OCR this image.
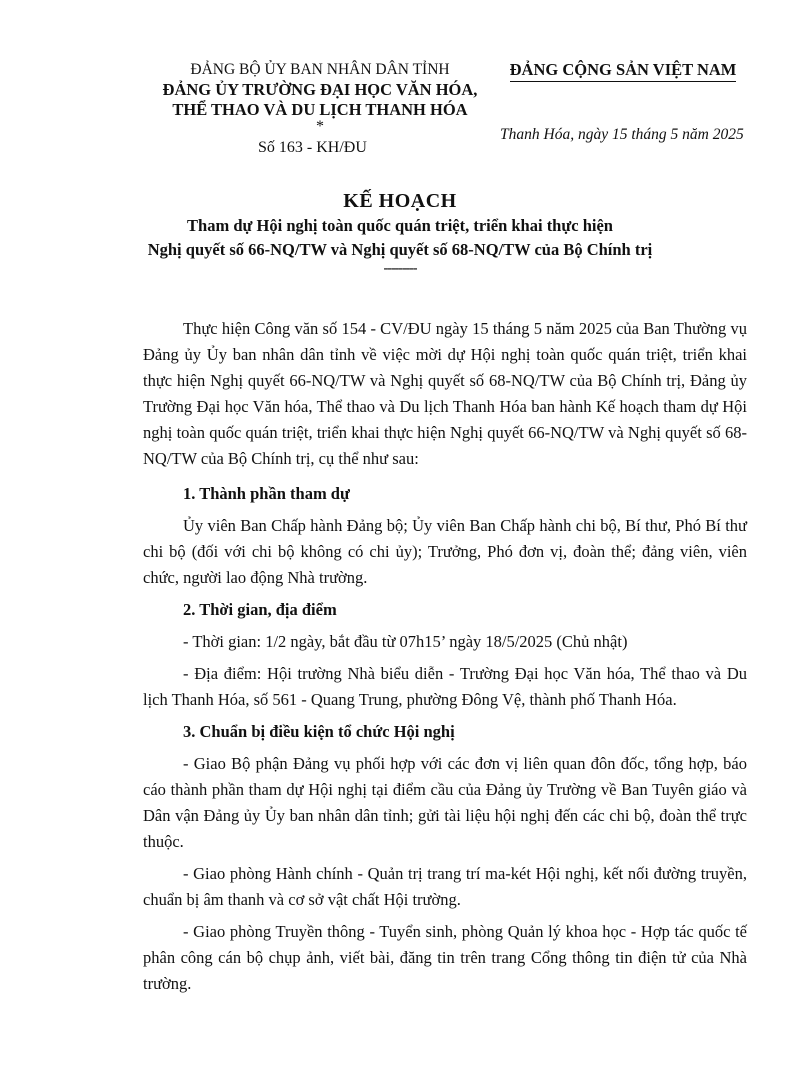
ĐẢNG BỘ ỦY BAN NHÂN DÂN TỈNH
ĐẢNG ỦY TRƯỜNG ĐẠI HỌC VĂN HÓA,
THỂ THAO VÀ DU LỊCH THANH HÓA
*
Số 163 - KH/ĐU
ĐẢNG CỘNG SẢN VIỆT NAM
Thanh Hóa, ngày 15 tháng 5 năm 2025
KẾ HOẠCH
Tham dự Hội nghị toàn quốc quán triệt, triển khai thực hiện
Nghị quyết số 66-NQ/TW và Nghị quyết số 68-NQ/TW của Bộ Chính trị
---------

Thực hiện Công văn số 154 - CV/ĐU ngày 15 tháng 5 năm 2025 của Ban Thường vụ Đảng ủy Ủy ban nhân dân tỉnh về việc mời dự Hội nghị toàn quốc quán triệt, triển khai thực hiện Nghị quyết 66-NQ/TW và Nghị quyết số 68-NQ/TW của Bộ Chính trị, Đảng ủy Trường Đại học Văn hóa, Thể thao và Du lịch Thanh Hóa ban hành Kế hoạch tham dự Hội nghị toàn quốc quán triệt, triển khai thực hiện Nghị quyết 66-NQ/TW và Nghị quyết số 68-NQ/TW của Bộ Chính trị, cụ thể như sau:

1. Thành phần tham dự

Ủy viên Ban Chấp hành Đảng bộ; Ủy viên Ban Chấp hành chi bộ, Bí thư, Phó Bí thư chi bộ (đối với chi bộ không có chi ủy); Trưởng, Phó đơn vị, đoàn thể; đảng viên, viên chức, người lao động Nhà trường.

2. Thời gian, địa điểm

- Thời gian: 1/2 ngày, bắt đầu từ 07h15’ ngày 18/5/2025 (Chủ nhật)

- Địa điểm: Hội trường Nhà biểu diễn - Trường Đại học Văn hóa, Thể thao và Du lịch Thanh Hóa, số 561 - Quang Trung, phường Đông Vệ, thành phố Thanh Hóa.

3. Chuẩn bị điều kiện tổ chức Hội nghị

- Giao Bộ phận Đảng vụ phối hợp với các đơn vị liên quan đôn đốc, tổng hợp, báo cáo thành phần tham dự Hội nghị tại điểm cầu của Đảng ủy Trường về Ban Tuyên giáo và Dân vận Đảng ủy Ủy ban nhân dân tỉnh; gửi tài liệu hội nghị đến các chi bộ, đoàn thể trực thuộc.

- Giao phòng Hành chính - Quản trị trang trí ma-két Hội nghị, kết nối đường truyền, chuẩn bị âm thanh và cơ sở vật chất Hội trường.

- Giao phòng Truyền thông - Tuyển sinh, phòng Quản lý khoa học - Hợp tác quốc tế phân công cán bộ chụp ảnh, viết bài, đăng tin trên trang Cổng thông tin điện tử của Nhà trường.
